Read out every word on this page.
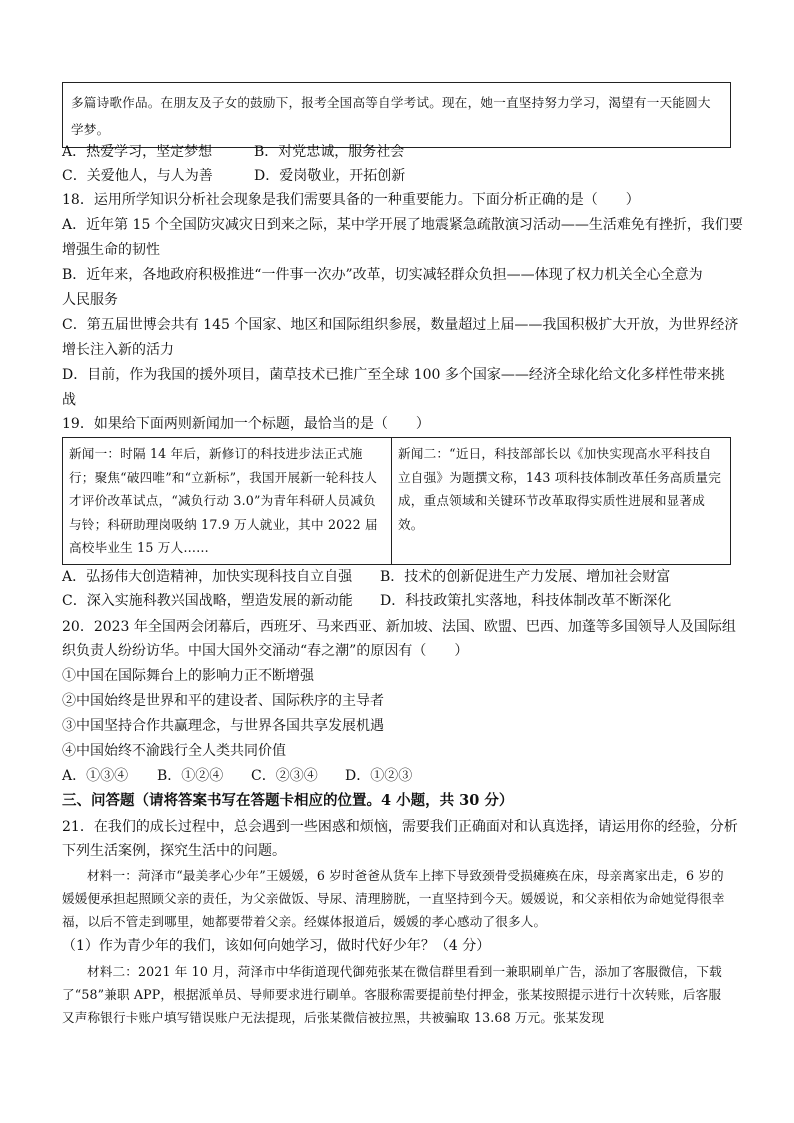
多篇诗歌作品。在朋友及子女的鼓励下，报考全国高等自学考试。现在，她一直坚持努力学习，渴望有一天能圆大学梦。
A．热爱学习，坚定梦想	B．对党忠诚，服务社会
C．关爱他人，与人为善	D．爱岗敬业，开拓创新
18．运用所学知识分析社会现象是我们需要具备的一种重要能力。下面分析正确的是（　　）
A．近年第 15 个全国防灾减灾日到来之际，某中学开展了地震紧急疏散演习活动——生活难免有挫折，我们要
增强生命的韧性
B．近年来，各地政府积极推进“一件事一次办”改革，切实减轻群众负担——体现了权力机关全心全意为
人民服务
C．第五届世博会共有 145 个国家、地区和国际组织参展，数量超过上届——我国积极扩大开放，为世界经济
增长注入新的活力
D．目前，作为我国的援外项目，菌草技术已推广至全球 100 多个国家——经济全球化给文化多样性带来挑
战
19．如果给下面两则新闻加一个标题，最恰当的是（　　）
新闻一：时隔 14 年后，新修订的科技进步法正式施行；聚焦“破四唯”和“立新标”，我国开展新一轮科技人才评价改革试点，“减负行动 3.0”为青年科研人员减负与铃；科研助理岗吸纳 17.9 万人就业，其中 2022 届高校毕业生 15 万人……
新闻二：“近日，科技部部长以《加快实现高水平科技自立自强》为题撰文称，143 项科技体制改革任务高质量完成，重点领域和关键环节改革取得实质性进展和显著成效。
A．弘扬伟大创造精神，加快实现科技自立自强 B．技术的创新促进生产力发展、增加社会财富
C．深入实施科教兴国战略，塑造发展的新动能 D．科技政策扎实落地，科技体制改革不断深化
20．2023 年全国两会闭幕后，西班牙、马来西亚、新加坡、法国、欧盟、巴西、加蓬等多国领导人及国际组
织负责人纷纷访华。中国大国外交涌动“春之潮”的原因有（　　）
①中国在国际舞台上的影响力正不断增强
②中国始终是世界和平的建设者、国际秩序的主导者
③中国坚持合作共赢理念，与世界各国共享发展机遇
④中国始终不渝践行全人类共同价值
A．①③④ B．①②④ C．②③④ D．①②③
三、问答题（请将答案书写在答题卡相应的位置。4 小题，共 30 分）
21．在我们的成长过程中，总会遇到一些困惑和烦恼，需要我们正确面对和认真选择，请运用你的经验，分析
下列生活案例，探究生活中的问题。
材料一：菏泽市“最美孝心少年”王媛媛，6 岁时爸爸从货车上摔下导致颈骨受损瘫痪在床，母亲离家出走，6 岁的媛媛便承担起照顾父亲的责任，为父亲做饭、导尿、清理膀胱，一直坚持到今天。媛媛说，和父亲相依为命她觉得很幸福，以后不管走到哪里，她都要带着父亲。经媒体报道后，媛媛的孝心感动了很多人。
（1）作为青少年的我们，该如何向她学习，做时代好少年？（4 分）
材料二：2021 年 10 月，菏泽市中华街道现代御苑张某在微信群里看到一兼职刷单广告，添加了客服微信，下载了“58”兼职 APP，根据派单员、导师要求进行刷单。客服称需要提前垫付押金，张某按照提示进行十次转账，后客服又声称银行卡账户填写错误账户无法提现，后张某微信被拉黑，共被骗取 13.68 万元。张某发现
